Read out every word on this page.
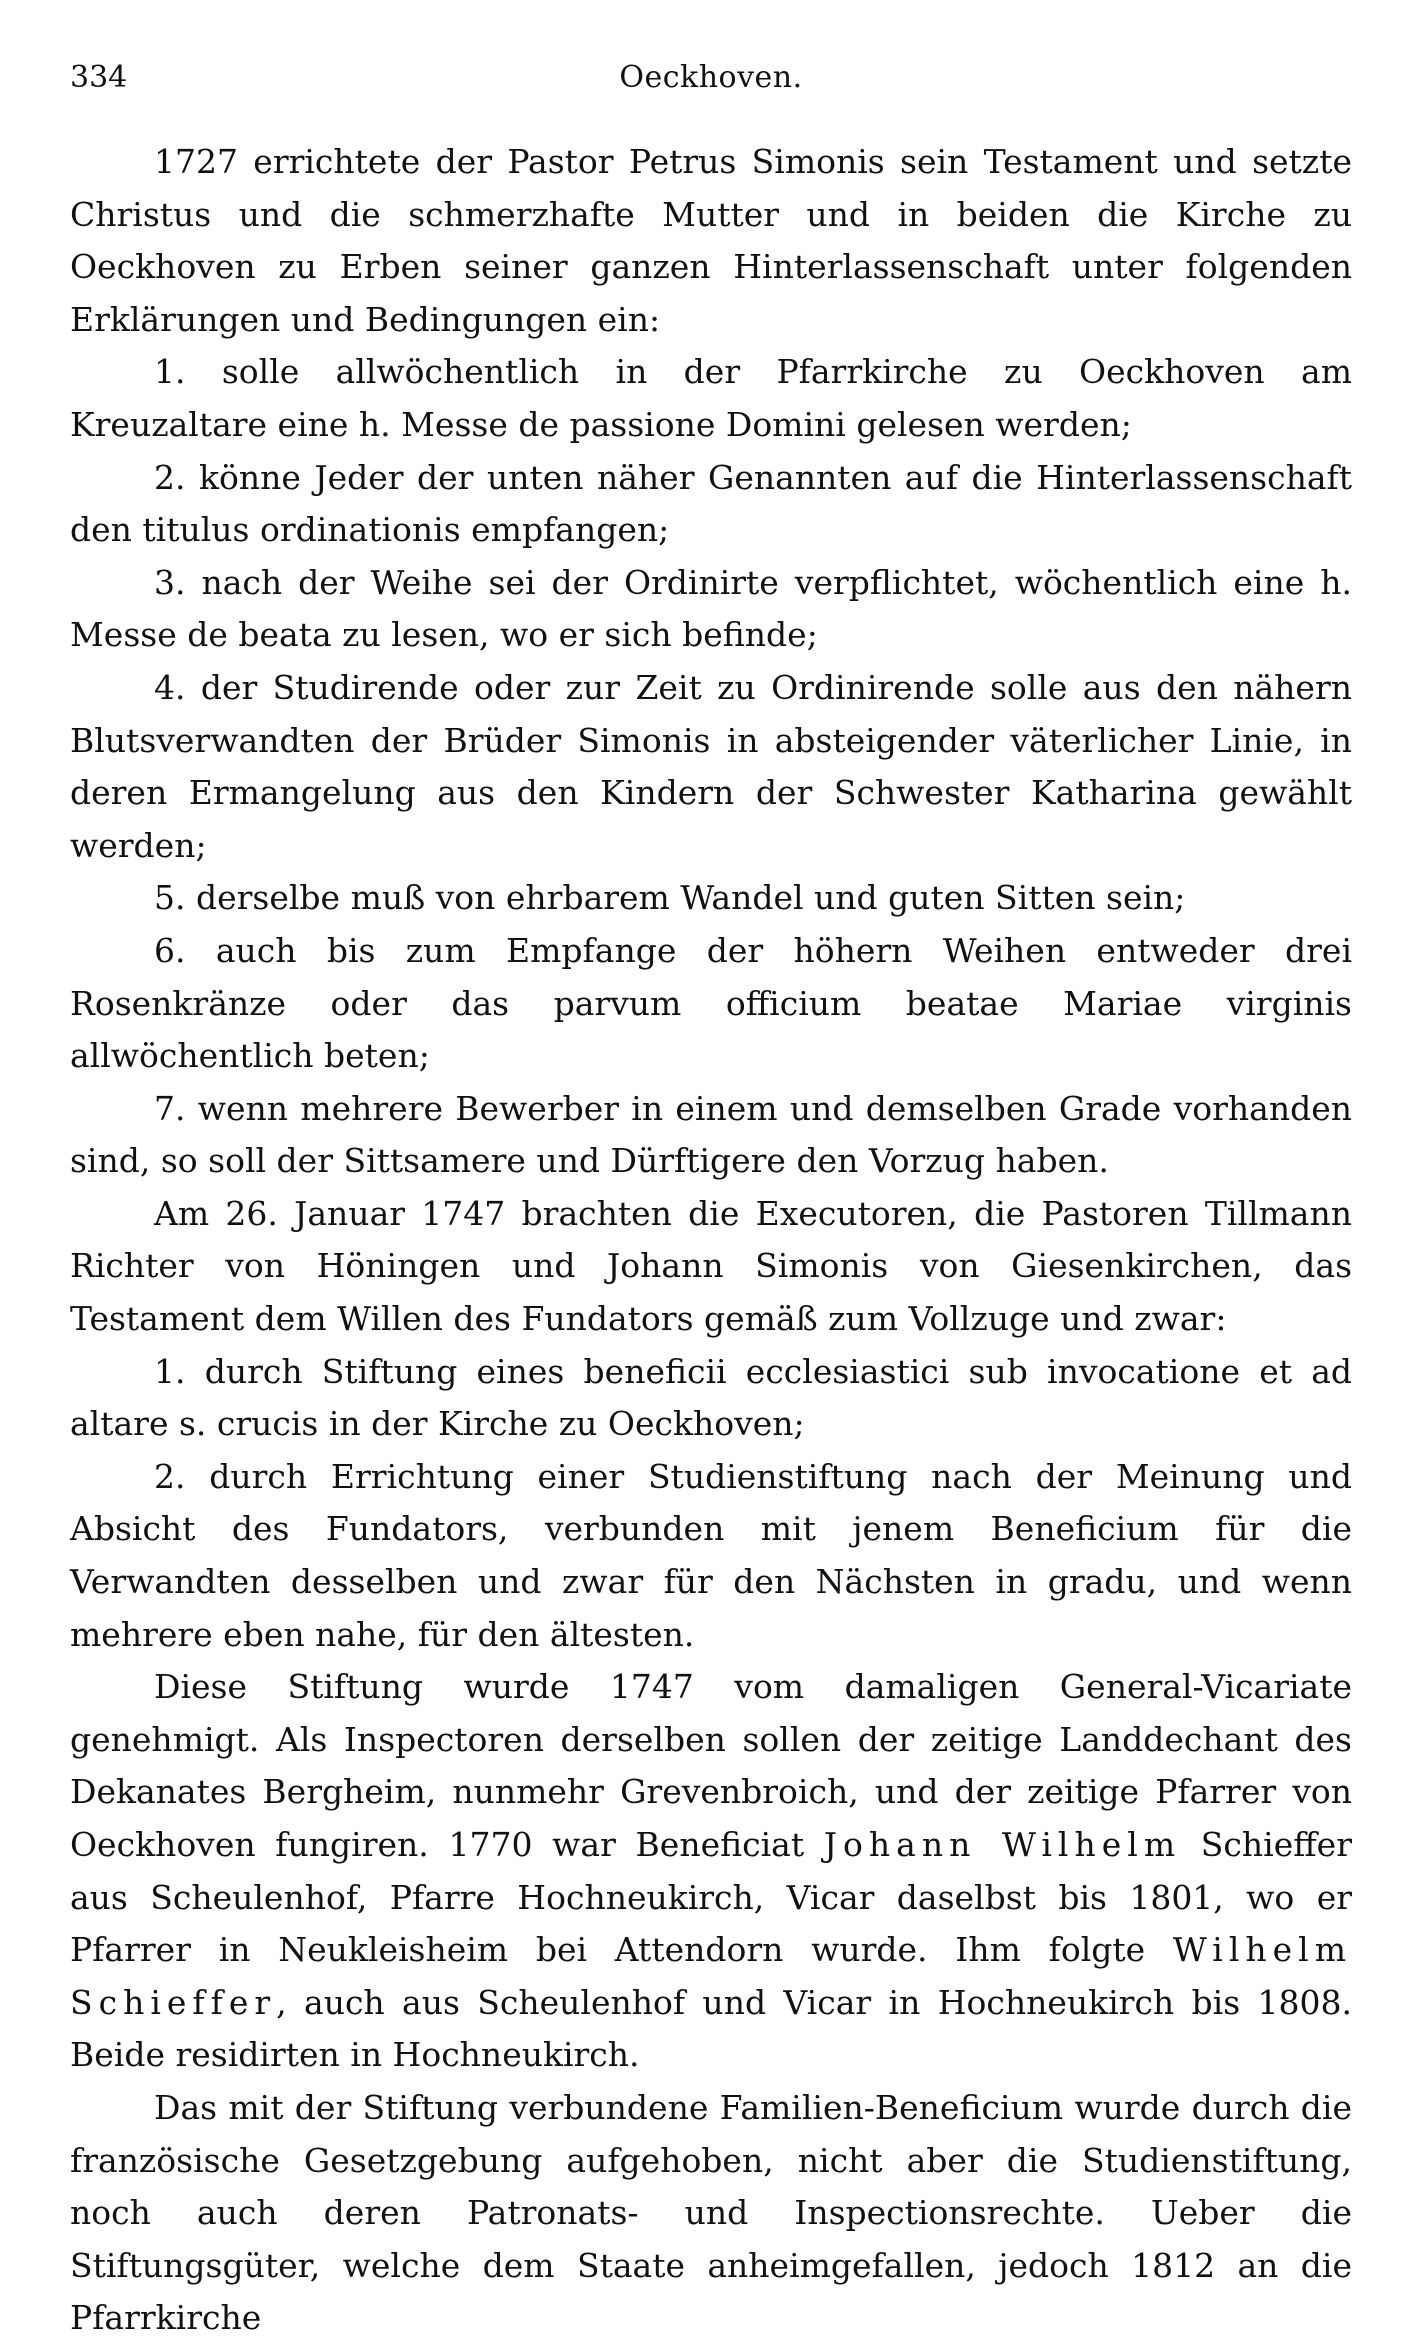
334	Oeckhoven.

1727 errichtete der Pastor Petrus Simonis sein Testament und setzte Christus und die schmerzhafte Mutter und in beiden die Kirche zu Oeckhoven zu Erben seiner ganzen Hinterlassenschaft unter folgenden Erklärungen und Bedingungen ein:

1. solle allwöchentlich in der Pfarrkirche zu Oeckhoven am Kreuzaltare eine h. Messe de passione Domini gelesen werden;

2. könne Jeder der unten näher Genannten auf die Hinterlassenschaft den titulus ordinationis empfangen;

3. nach der Weihe sei der Ordinirte verpflichtet, wöchentlich eine h. Messe de beata zu lesen, wo er sich befinde;

4. der Studirende oder zur Zeit zu Ordinirende solle aus den nähern Blutsverwandten der Brüder Simonis in absteigender väterlicher Linie, in deren Ermangelung aus den Kindern der Schwester Katharina gewählt werden;

5. derselbe muß von ehrbarem Wandel und guten Sitten sein;

6. auch bis zum Empfange der höhern Weihen entweder drei Rosenkränze oder das parvum officium beatae Mariae virginis allwöchentlich beten;

7. wenn mehrere Bewerber in einem und demselben Grade vorhanden sind, so soll der Sittsamere und Dürftigere den Vorzug haben.

Am 26. Januar 1747 brachten die Executoren, die Pastoren Tillmann Richter von Höningen und Johann Simonis von Giesenkirchen, das Testament dem Willen des Fundators gemäß zum Vollzuge und zwar:

1. durch Stiftung eines beneficii ecclesiastici sub invocatione et ad altare s. crucis in der Kirche zu Oeckhoven;

2. durch Errichtung einer Studienstiftung nach der Meinung und Absicht des Fundators, verbunden mit jenem Beneficium für die Verwandten desselben und zwar für den Nächsten in gradu, und wenn mehrere eben nahe, für den ältesten.

Diese Stiftung wurde 1747 vom damaligen General-Vicariate genehmigt. Als Inspectoren derselben sollen der zeitige Landdechant des Dekanates Bergheim, nunmehr Grevenbroich, und der zeitige Pfarrer von Oeckhoven fungiren. 1770 war Beneficiat Johann Wilhelm Schieffer aus Scheulenhof, Pfarre Hochneukirch, Vicar daselbst bis 1801, wo er Pfarrer in Neukleisheim bei Attendorn wurde. Ihm folgte Wilhelm Schieffer, auch aus Scheulenhof und Vicar in Hochneukirch bis 1808. Beide residirten in Hochneukirch.

Das mit der Stiftung verbundene Familien-Beneficium wurde durch die französische Gesetzgebung aufgehoben, nicht aber die Studienstiftung, noch auch deren Patronats- und Inspectionsrechte. Ueber die Stiftungsgüter, welche dem Staate anheimgefallen, jedoch 1812 an die Pfarrkirche
